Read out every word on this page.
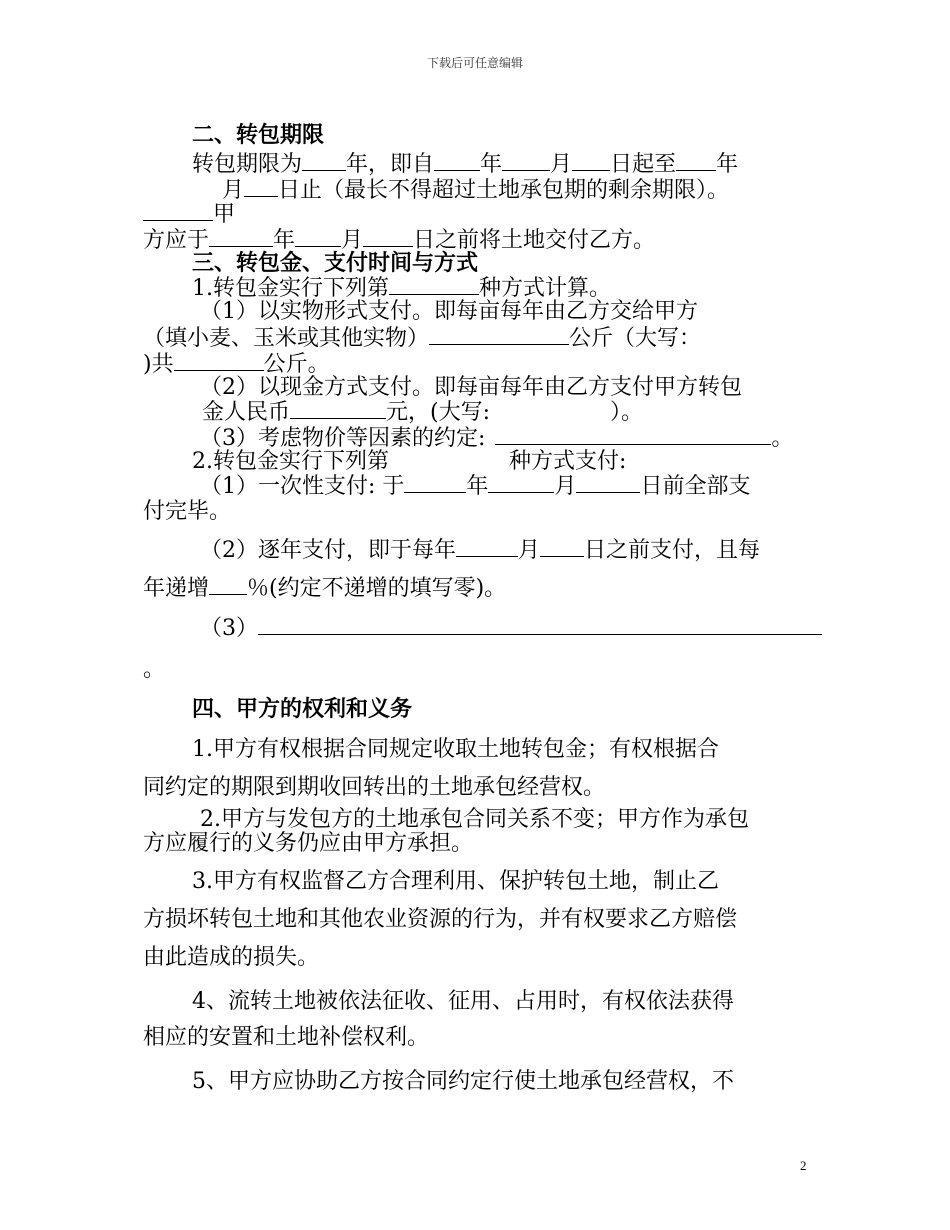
下载后可任意编辑
二、转包期限
转包期限为 年，即自 年 月 日起至 年
月 日止（最长不得超过土地承包期的剩余期限）。
甲
方应于	年 月 日之前将土地交付乙方。
三、转包金、支付时间与方式
1.转包金实行下列第	种方式计算。
（1）以实物形式支付。即每亩每年由乙方交给甲方
（填小麦、玉米或其他实物）	公斤（大写：
)共	公斤。
（2）以现金方式支付。即每亩每年由乙方支付甲方转包
金人民币	元，(大写:	）。
（3）考虑物价等因素的约定:	。
2.转包金实行下列第	种方式支付:
（1）一次性支付: 于	年	月	日前全部支
付完毕。
（2）逐年支付，即于每年	月 日之前支付，且每
年递增 ％(约定不递增的填写零)。
（3）
。
四、甲方的权利和义务
1.甲方有权根据合同规定收取土地转包金；有权根据合
同约定的期限到期收回转出的土地承包经营权。
2.甲方与发包方的土地承包合同关系不变；甲方作为承包
方应履行的义务仍应由甲方承担。
3.甲方有权监督乙方合理利用、保护转包土地，制止乙
方损坏转包土地和其他农业资源的行为，并有权要求乙方赔偿
由此造成的损失。
4、流转土地被依法征收、征用、占用时，有权依法获得
相应的安置和土地补偿权利。
5、甲方应协助乙方按合同约定行使土地承包经营权，不
2
